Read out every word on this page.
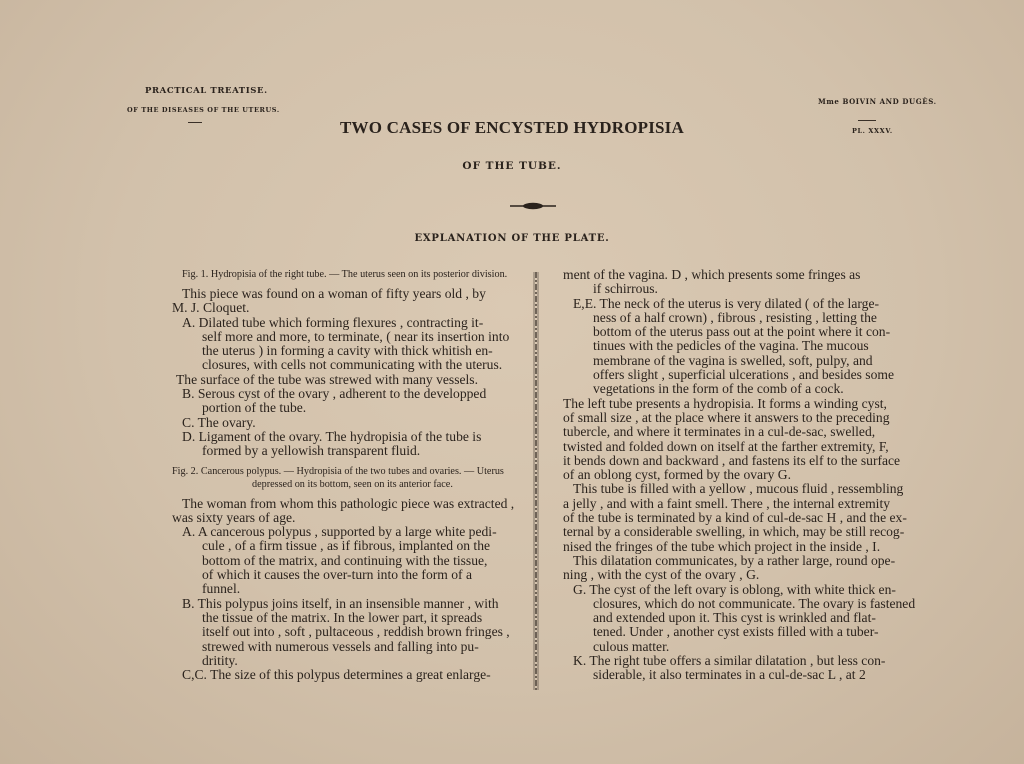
PRACTICAL TREATISE.

OF THE DISEASES OF THE UTERUS.

Mme BOIVIN AND DUGÈS.

PL. XXXV.

TWO CASES OF ENCYSTED HYDROPISIA
OF THE TUBE.
EXPLANATION OF THE PLATE.
Fig. 1. Hydropisia of the right tube. — The uterus seen on its posterior division.
This piece was found on a woman of fifty years old , by
M. J. Cloquet.
A. Dilated tube which forming flexures , contracting it-
self more and more, to terminate, ( near its insertion into
the uterus ) in forming a cavity with thick whitish en-
closures, with cells not communicating with the uterus.
The surface of the tube was strewed with many vessels.
B. Serous cyst of the ovary , adherent to the developped
portion of the tube.
C. The ovary.
D. Ligament of the ovary. The hydropisia of the tube is
formed by a yellowish transparent fluid.
Fig. 2. Cancerous polypus. — Hydropisia of the two tubes and ovaries. — Uterus
depressed on its bottom, seen on its anterior face.
The woman from whom this pathologic piece was extracted ,
was sixty years of age.
A. A cancerous polypus , supported by a large white pedi-
cule , of a firm tissue , as if fibrous, implanted on the
bottom of the matrix, and continuing with the tissue,
of which it causes the over-turn into the form of a
funnel.
B. This polypus joins itself, in an insensible manner , with
the tissue of the matrix. In the lower part, it spreads
itself out into , soft , pultaceous , reddish brown fringes ,
strewed with numerous vessels and falling into pu-
dritity.
C,C. The size of this polypus determines a great enlarge-
ment of the vagina. D , which presents some fringes as
if schirrous.
E,E. The neck of the uterus is very dilated ( of the large-
ness of a half crown) , fibrous , resisting , letting the
bottom of the uterus pass out at the point where it con-
tinues with the pedicles of the vagina. The mucous
membrane of the vagina is swelled, soft, pulpy, and
offers slight , superficial ulcerations , and besides some
vegetations in the form of the comb of a cock.
The left tube presents a hydropisia. It forms a winding cyst,
of small size , at the place where it answers to the preceding
tubercle, and where it terminates in a cul-de-sac, swelled,
twisted and folded down on itself at the farther extremity, F,
it bends down and backward , and fastens its elf to the surface
of an oblong cyst, formed by the ovary G.
This tube is filled with a yellow , mucous fluid , ressembling
a jelly , and with a faint smell. There , the internal extremity
of the tube is terminated by a kind of cul-de-sac H , and the ex-
ternal by a considerable swelling, in which, may be still recog-
nised the fringes of the tube which project in the inside , I.
This dilatation communicates, by a rather large, round ope-
ning , with the cyst of the ovary , G.
G. The cyst of the left ovary is oblong, with white thick en-
closures, which do not communicate. The ovary is fastened
and extended upon it. This cyst is wrinkled and flat-
tened. Under , another cyst exists filled with a tuber-
culous matter.
K. The right tube offers a similar dilatation , but less con-
siderable, it also terminates in a cul-de-sac L , at 2
